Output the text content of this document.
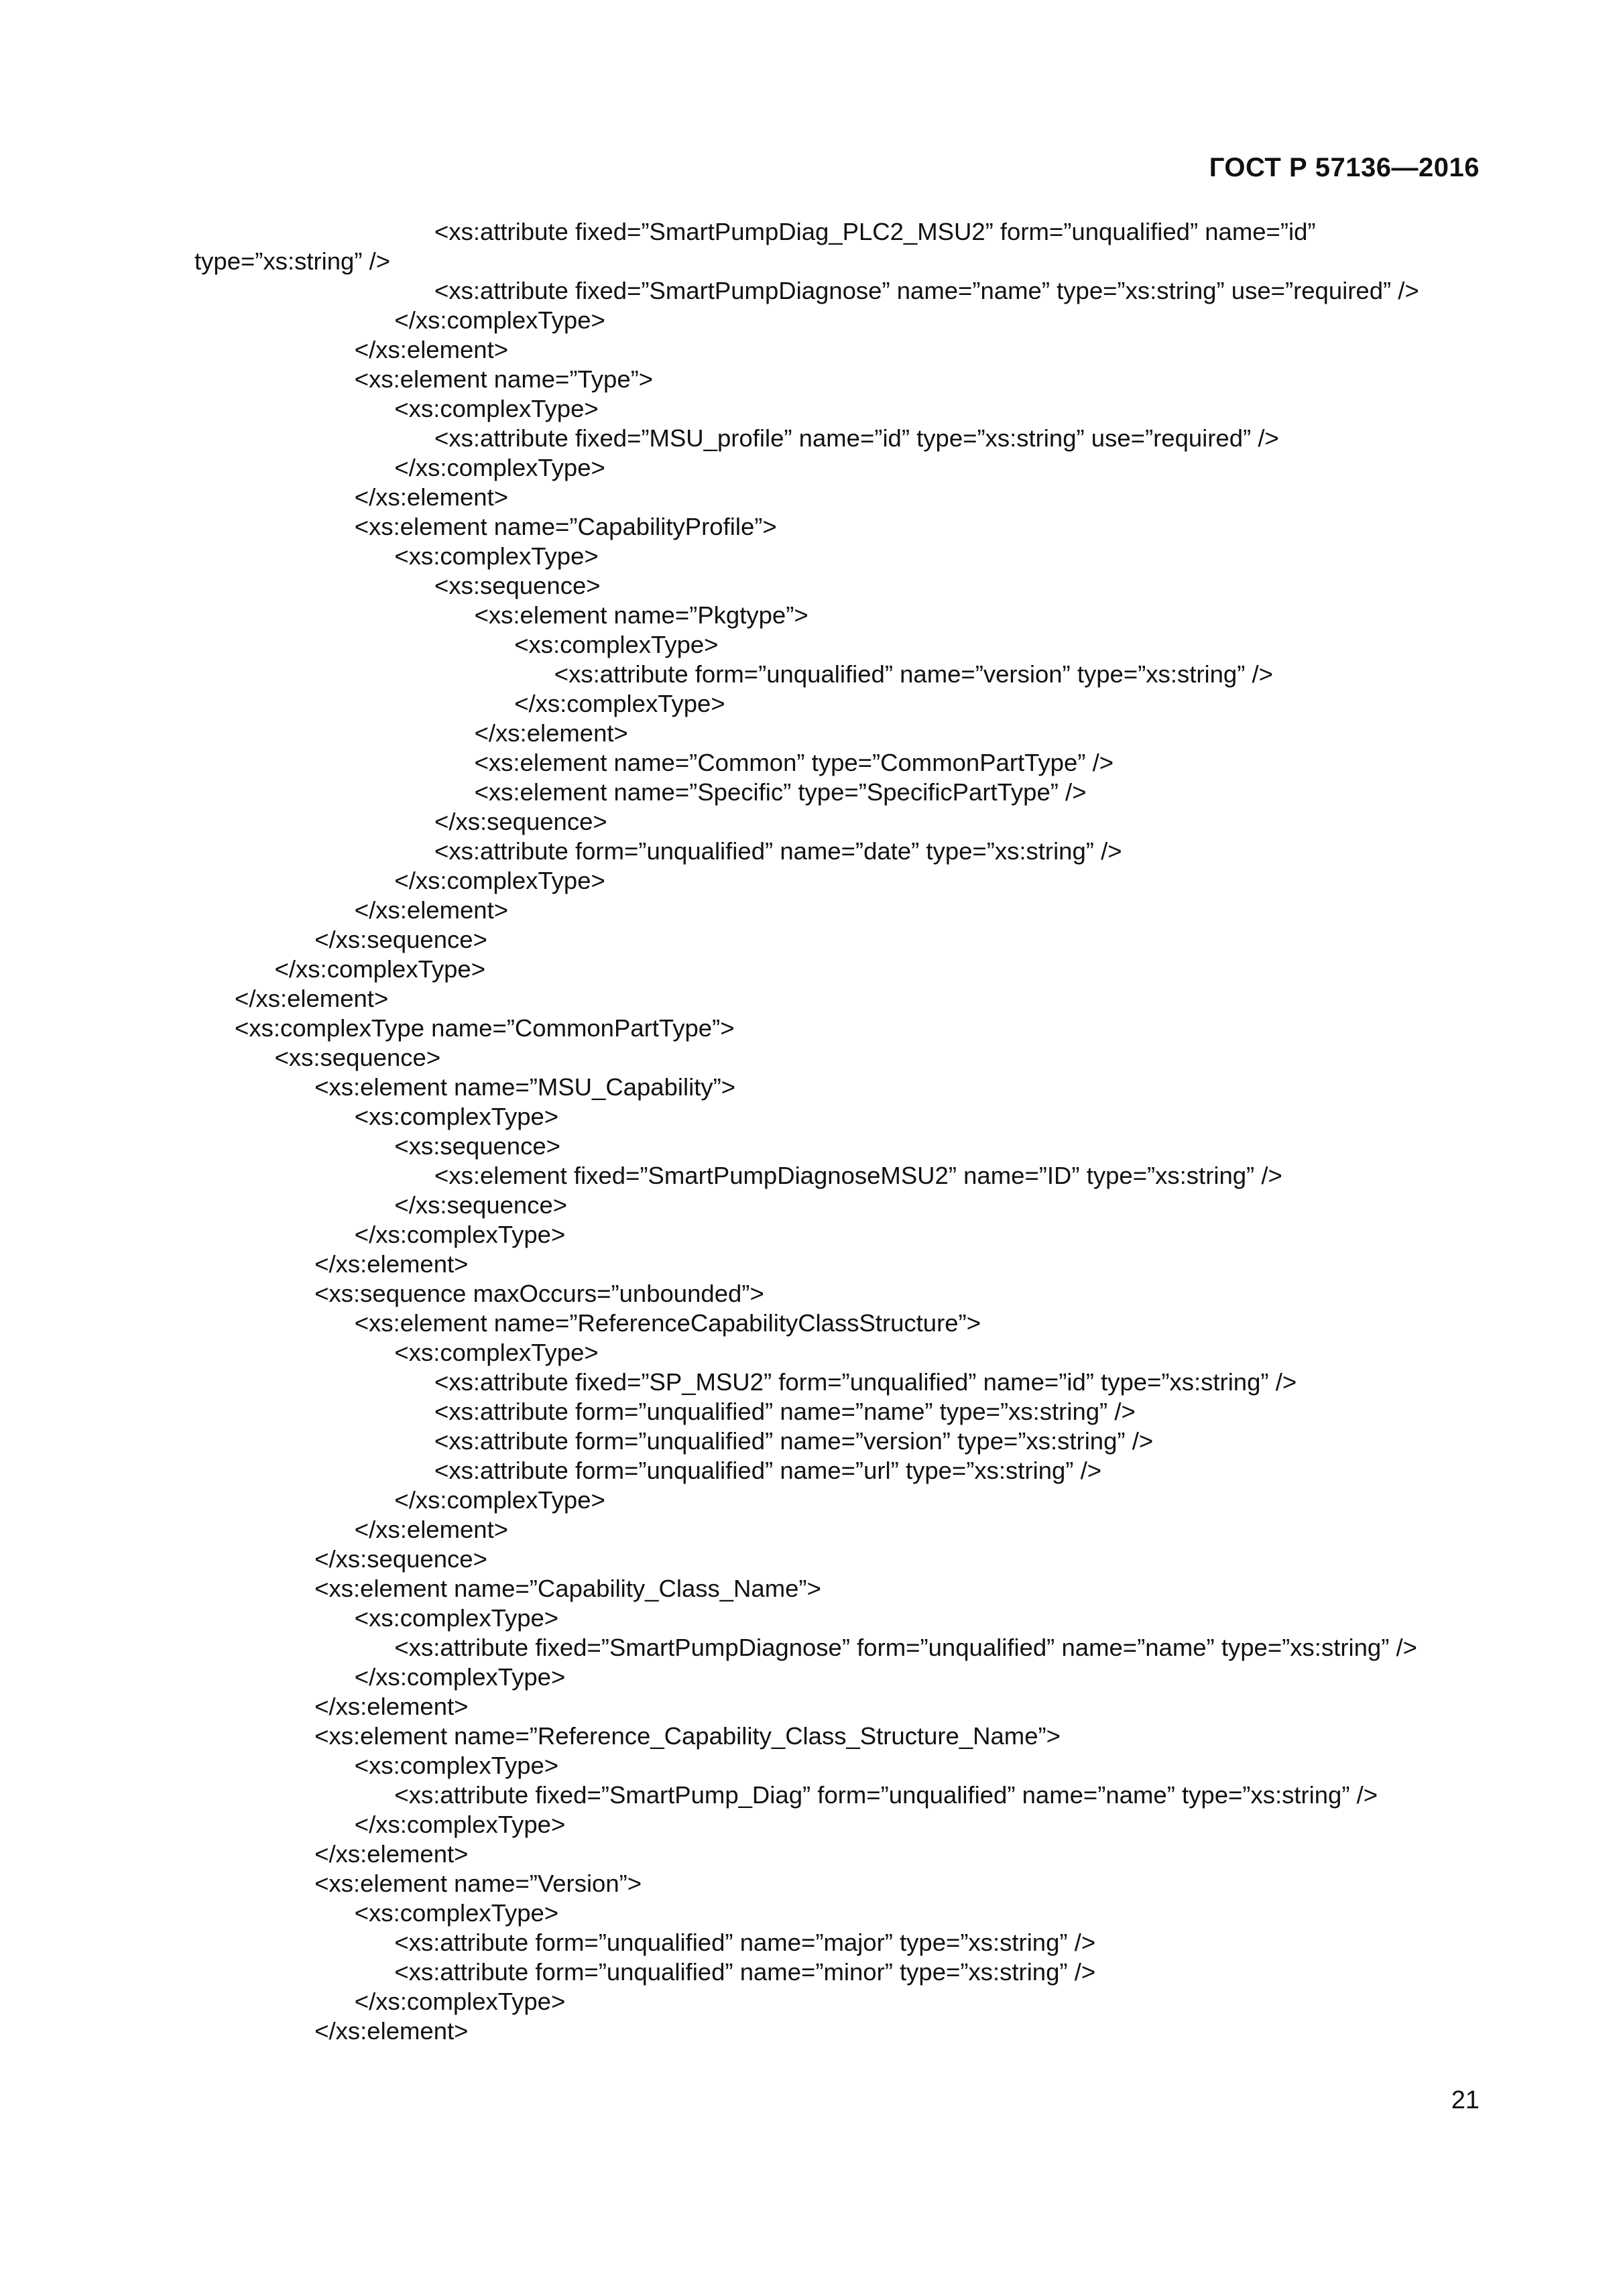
ГОСТ Р 57136—2016
<xs:attribute fixed=”SmartPumpDiag_PLC2_MSU2” form=”unqualified” name=”id”
type=”xs:string” />
<xs:attribute fixed=”SmartPumpDiagnose” name=”name” type=”xs:string” use=”required” />
</xs:complexType>
</xs:element>
<xs:element name=”Type”>
<xs:complexType>
<xs:attribute fixed=”MSU_profile” name=”id” type=”xs:string” use=”required” />
</xs:complexType>
</xs:element>
<xs:element name=”CapabilityProfile”>
<xs:complexType>
<xs:sequence>
<xs:element name=”Pkgtype”>
<xs:complexType>
<xs:attribute form=”unqualified” name=”version” type=”xs:string” />
</xs:complexType>
</xs:element>
<xs:element name=”Common” type=”CommonPartType” />
<xs:element name=”Specific” type=”SpecificPartType” />
</xs:sequence>
<xs:attribute form=”unqualified” name=”date” type=”xs:string” />
</xs:complexType>
</xs:element>
</xs:sequence>
</xs:complexType>
</xs:element>
<xs:complexType name=”CommonPartType”>
<xs:sequence>
<xs:element name=”MSU_Capability”>
<xs:complexType>
<xs:sequence>
<xs:element fixed=”SmartPumpDiagnoseMSU2” name=”ID” type=”xs:string” />
</xs:sequence>
</xs:complexType>
</xs:element>
<xs:sequence maxOccurs=”unbounded”>
<xs:element name=”ReferenceCapabilityClassStructure”>
<xs:complexType>
<xs:attribute fixed=”SP_MSU2” form=”unqualified” name=”id” type=”xs:string” />
<xs:attribute form=”unqualified” name=”name” type=”xs:string” />
<xs:attribute form=”unqualified” name=”version” type=”xs:string” />
<xs:attribute form=”unqualified” name=”url” type=”xs:string” />
</xs:complexType>
</xs:element>
</xs:sequence>
<xs:element name=”Capability_Class_Name”>
<xs:complexType>
<xs:attribute fixed=”SmartPumpDiagnose” form=”unqualified” name=”name” type=”xs:string” />
</xs:complexType>
</xs:element>
<xs:element name=”Reference_Capability_Class_Structure_Name”>
<xs:complexType>
<xs:attribute fixed=”SmartPump_Diag” form=”unqualified” name=”name” type=”xs:string” />
</xs:complexType>
</xs:element>
<xs:element name=”Version”>
<xs:complexType>
<xs:attribute form=”unqualified” name=”major” type=”xs:string” />
<xs:attribute form=”unqualified” name=”minor” type=”xs:string” />
</xs:complexType>
</xs:element>
21
